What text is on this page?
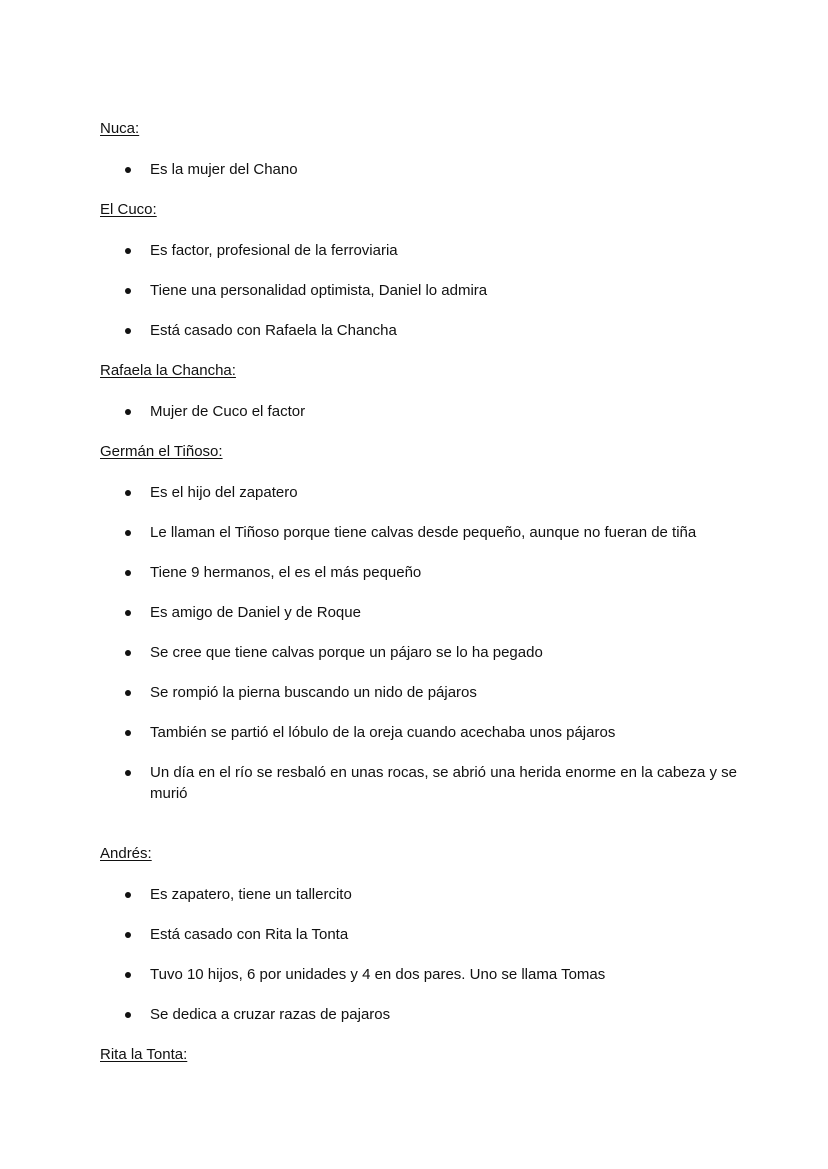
Nuca:

Es la mujer del Chano

El Cuco:

Es factor, profesional de la ferroviaria
Tiene una personalidad optimista, Daniel lo admira
Está casado con Rafaela la Chancha

Rafaela la Chancha:

Mujer de Cuco el factor

Germán el Tiñoso:

Es el hijo del zapatero
Le llaman el Tiñoso porque tiene calvas desde pequeño, aunque no fueran de tiña
Tiene 9 hermanos, el es el más pequeño
Es amigo de Daniel y de Roque
Se cree que tiene calvas porque un pájaro se lo ha pegado
Se rompió la pierna buscando un nido de pájaros
También se partió el lóbulo de la oreja cuando acechaba unos pájaros
Un día en el río se resbaló en unas rocas, se abrió una herida enorme en la cabeza y se murió

Andrés:

Es zapatero, tiene un tallercito
Está casado con Rita la Tonta
Tuvo 10 hijos, 6 por unidades y 4 en dos pares. Uno se llama Tomas
Se dedica a cruzar razas de pajaros

Rita la Tonta:
